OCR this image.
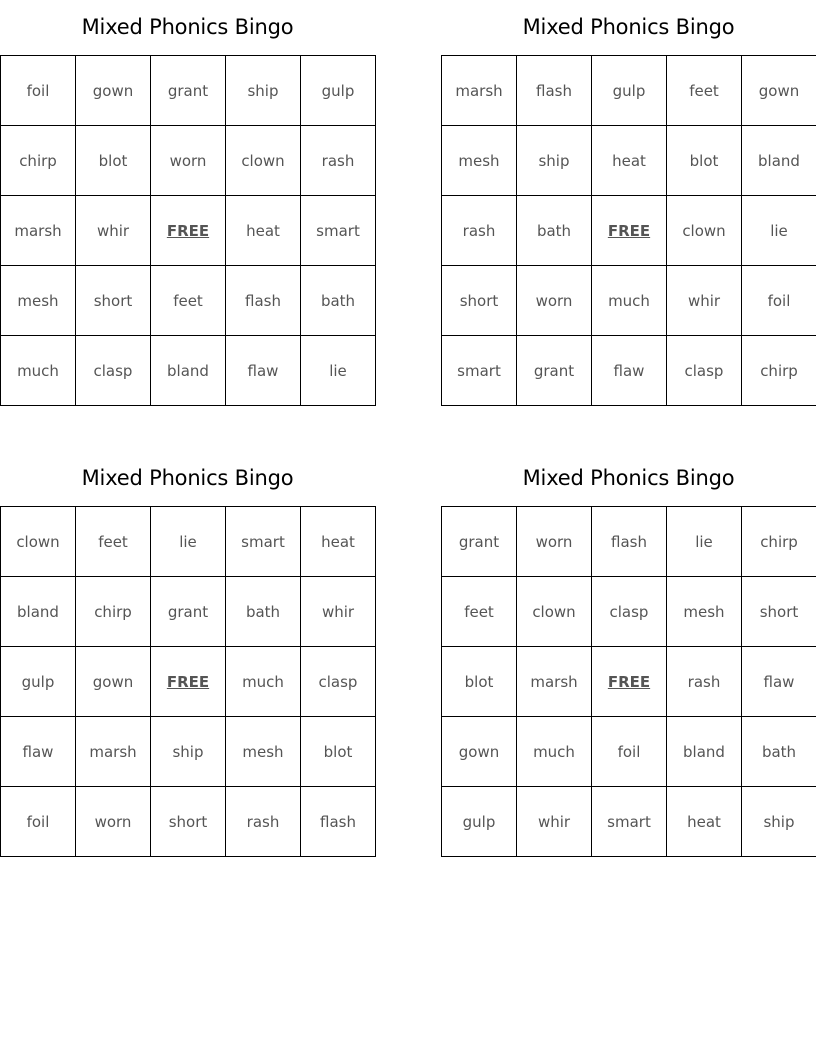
Mixed Phonics Bingo
foil	gown	grant	ship	gulp
chirp	blot	worn	clown	rash
marsh	whir	FREE	heat	smart
mesh	short	feet	flash	bath
much	clasp	bland	flaw	lie
Mixed Phonics Bingo
marsh	flash	gulp	feet	gown
mesh	ship	heat	blot	bland
rash	bath	FREE	clown	lie
short	worn	much	whir	foil
smart	grant	flaw	clasp	chirp
Mixed Phonics Bingo
clown	feet	lie	smart	heat
bland	chirp	grant	bath	whir
gulp	gown	FREE	much	clasp
flaw	marsh	ship	mesh	blot
foil	worn	short	rash	flash
Mixed Phonics Bingo
grant	worn	flash	lie	chirp
feet	clown	clasp	mesh	short
blot	marsh	FREE	rash	flaw
gown	much	foil	bland	bath
gulp	whir	smart	heat	ship
